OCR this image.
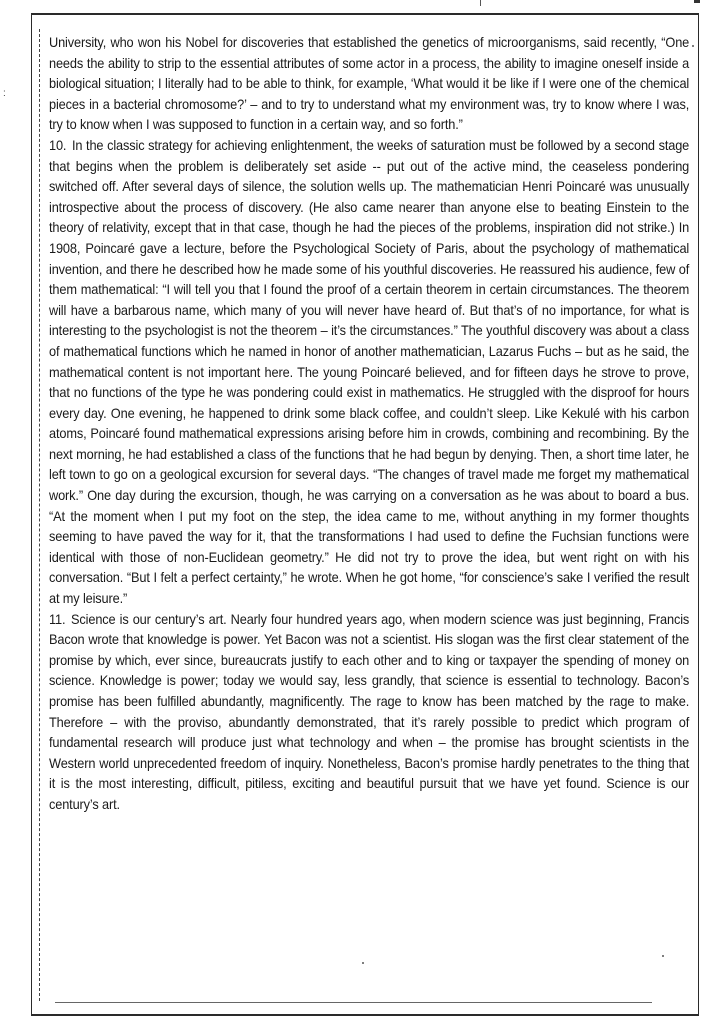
:

University, who won his Nobel for discoveries that established the genetics of microorganisms, said recently, “One needs the ability to strip to the essential attributes of some actor in a process, the ability to imagine oneself inside a biological situation; I literally had to be able to think, for example, ‘What would it be like if I were one of the chemical pieces in a bacterial chromosome?’ – and to try to understand what my environment was, try to know where I was, try to know when I was supposed to function in a certain way, and so forth.”

10. In the classic strategy for achieving enlightenment, the weeks of saturation must be followed by a second stage that begins when the problem is deliberately set aside -- put out of the active mind, the ceaseless pondering switched off. After several days of silence, the solution wells up. The mathematician Henri Poincaré was unusually introspective about the process of discovery. (He also came nearer than anyone else to beating Einstein to the theory of relativity, except that in that case, though he had the pieces of the problems, inspiration did not strike.) In 1908, Poincaré gave a lecture, before the Psychological Society of Paris, about the psychology of mathematical invention, and there he described how he made some of his youthful discoveries. He reassured his audience, few of them mathematical: “I will tell you that I found the proof of a certain theorem in certain circumstances. The theorem will have a barbarous name, which many of you will never have heard of. But that’s of no importance, for what is interesting to the psychologist is not the theorem – it’s the circumstances.” The youthful discovery was about a class of mathematical functions which he named in honor of another mathematician, Lazarus Fuchs – but as he said, the mathematical content is not important here. The young Poincaré believed, and for fifteen days he strove to prove, that no functions of the type he was pondering could exist in mathematics. He struggled with the disproof for hours every day. One evening, he happened to drink some black coffee, and couldn’t sleep. Like Kekulé with his carbon atoms, Poincaré found mathematical expressions arising before him in crowds, combining and recombining. By the next morning, he had established a class of the functions that he had begun by denying. Then, a short time later, he left town to go on a geological excursion for several days. “The changes of travel made me forget my mathematical work.” One day during the excursion, though, he was carrying on a conversation as he was about to board a bus. “At the moment when I put my foot on the step, the idea came to me, without anything in my former thoughts seeming to have paved the way for it, that the transformations I had used to define the Fuchsian functions were identical with those of non-Euclidean geometry.” He did not try to prove the idea, but went right on with his conversation. “But I felt a perfect certainty,” he wrote. When he got home, “for conscience’s sake I verified the result at my leisure.”

11. Science is our century’s art. Nearly four hundred years ago, when modern science was just beginning, Francis Bacon wrote that knowledge is power. Yet Bacon was not a scientist. His slogan was the first clear statement of the promise by which, ever since, bureaucrats justify to each other and to king or taxpayer the spending of money on science. Knowledge is power; today we would say, less grandly, that science is essential to technology. Bacon’s promise has been fulfilled abundantly, magnificently. The rage to know has been matched by the rage to make. Therefore – with the proviso, abundantly demonstrated, that it’s rarely possible to predict which program of fundamental research will produce just what technology and when – the promise has brought scientists in the Western world unprecedented freedom of inquiry. Nonetheless, Bacon’s promise hardly penetrates to the thing that it is the most interesting, difficult, pitiless, exciting and beautiful pursuit that we have yet found. Science is our century’s art.
